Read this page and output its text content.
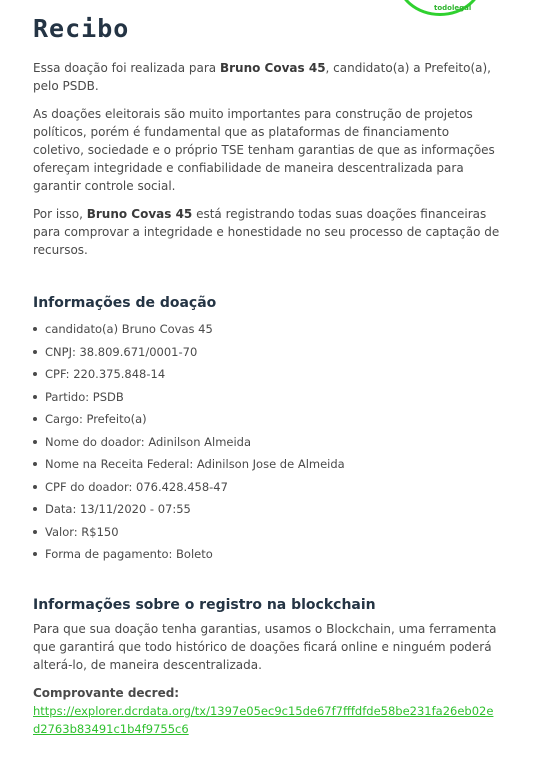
todolegal
Recibo

Essa doação foi realizada para Bruno Covas 45, candidato(a) a Prefeito(a), pelo PSDB.

As doações eleitorais são muito importantes para construção de projetos políticos, porém é fundamental que as plataformas de financiamento coletivo, sociedade e o próprio TSE tenham garantias de que as informações ofereçam integridade e confiabilidade de maneira descentralizada para garantir controle social.

Por isso, Bruno Covas 45 está registrando todas suas doações financeiras para comprovar a integridade e honestidade no seu processo de captação de recursos.

Informações de doação
candidato(a) Bruno Covas 45
CNPJ: 38.809.671/0001-70
CPF: 220.375.848-14
Partido: PSDB
Cargo: Prefeito(a)
Nome do doador: Adinilson Almeida
Nome na Receita Federal: Adinilson Jose de Almeida
CPF do doador: 076.428.458-47
Data: 13/11/2020 - 07:55
Valor: R$150
Forma de pagamento: Boleto
Informações sobre o registro na blockchain

Para que sua doação tenha garantias, usamos o Blockchain, uma ferramenta que garantirá que todo histórico de doações ficará online e ninguém poderá alterá-lo, de maneira descentralizada.

Comprovante decred:
https://explorer.dcrdata.org/tx/1397e05ec9c15de67f7fffdfde58be231fa26eb02ed2763b83491c1b4f9755c6
